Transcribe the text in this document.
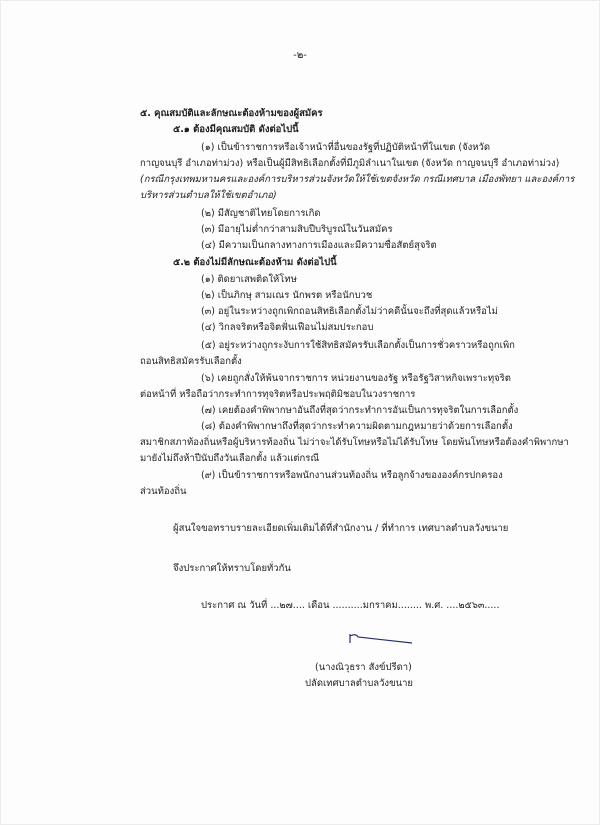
-๒-
๕. คุณสมบัติและลักษณะต้องห้ามของผู้สมัคร
๕.๑ ต้องมีคุณสมบัติ ดังต่อไปนี้
(๑) เป็นข้าราชการหรือเจ้าหน้าที่อื่นของรัฐที่ปฏิบัติหน้าที่ในเขต (จังหวัด
กาญจนบุรี อำเภอท่าม่วง) หรือเป็นผู้มีสิทธิเลือกตั้งที่มีภูมิลำเนาในเขต (จังหวัด กาญจนบุรี อำเภอท่าม่วง)
(กรณีกรุงเทพมหานครและองค์การบริหารส่วนจังหวัดให้ใช้เขตจังหวัด กรณีเทศบาล เมืองพัทยา และองค์การ
บริหารส่วนตำบลให้ใช้เขตอำเภอ)
(๒) มีสัญชาติไทยโดยการเกิด
(๓) มีอายุไม่ต่ำกว่าสามสิบปีบริบูรณ์ในวันสมัคร
(๔) มีความเป็นกลางทางการเมืองและมีความซื่อสัตย์สุจริต
๕.๒ ต้องไม่มีลักษณะต้องห้าม ดังต่อไปนี้
(๑) ติดยาเสพติดให้โทษ
(๒) เป็นภิกษุ สามเณร นักพรต หรือนักบวช
(๓) อยู่ในระหว่างถูกเพิกถอนสิทธิเลือกตั้งไม่ว่าคดีนั้นจะถึงที่สุดแล้วหรือไม่
(๔) วิกลจริตหรือจิตฟั่นเฟือนไม่สมประกอบ
(๕) อยู่ระหว่างถูกระงับการใช้สิทธิสมัครรับเลือกตั้งเป็นการชั่วคราวหรือถูกเพิก
ถอนสิทธิสมัครรับเลือกตั้ง
(๖) เคยถูกสั่งให้พ้นจากราชการ หน่วยงานของรัฐ หรือรัฐวิสาหกิจเพราะทุจริต
ต่อหน้าที่ หรือถือว่ากระทำการทุจริตหรือประพฤติมิชอบในวงราชการ
(๗) เคยต้องคำพิพากษาอันถึงที่สุดว่ากระทำการอันเป็นการทุจริตในการเลือกตั้ง
(๘) ต้องคำพิพากษาถึงที่สุดว่ากระทำความผิดตามกฎหมายว่าด้วยการเลือกตั้ง
สมาชิกสภาท้องถิ่นหรือผู้บริหารท้องถิ่น ไม่ว่าจะได้รับโทษหรือไม่ได้รับโทษ โดยพ้นโทษหรือต้องคำพิพากษา
มายังไม่ถึงห้าปีนับถึงวันเลือกตั้ง แล้วแต่กรณี
(๙) เป็นข้าราชการหรือพนักงานส่วนท้องถิ่น หรือลูกจ้างขององค์กรปกครอง
ส่วนท้องถิ่น
ผู้สนใจขอทราบรายละเอียดเพิ่มเติมได้ที่สำนักงาน / ที่ทำการ เทศบาลตำบลวังขนาย
จึงประกาศให้ทราบโดยทั่วกัน
ประกาศ ณ วันที่ ...๒๗.... เดือน ..........มกราคม........ พ.ศ. ....๒๕๖๓.....
(นางณิวุธรา สังข์ปรีดา)
ปลัดเทศบาลตำบลวังขนาย
